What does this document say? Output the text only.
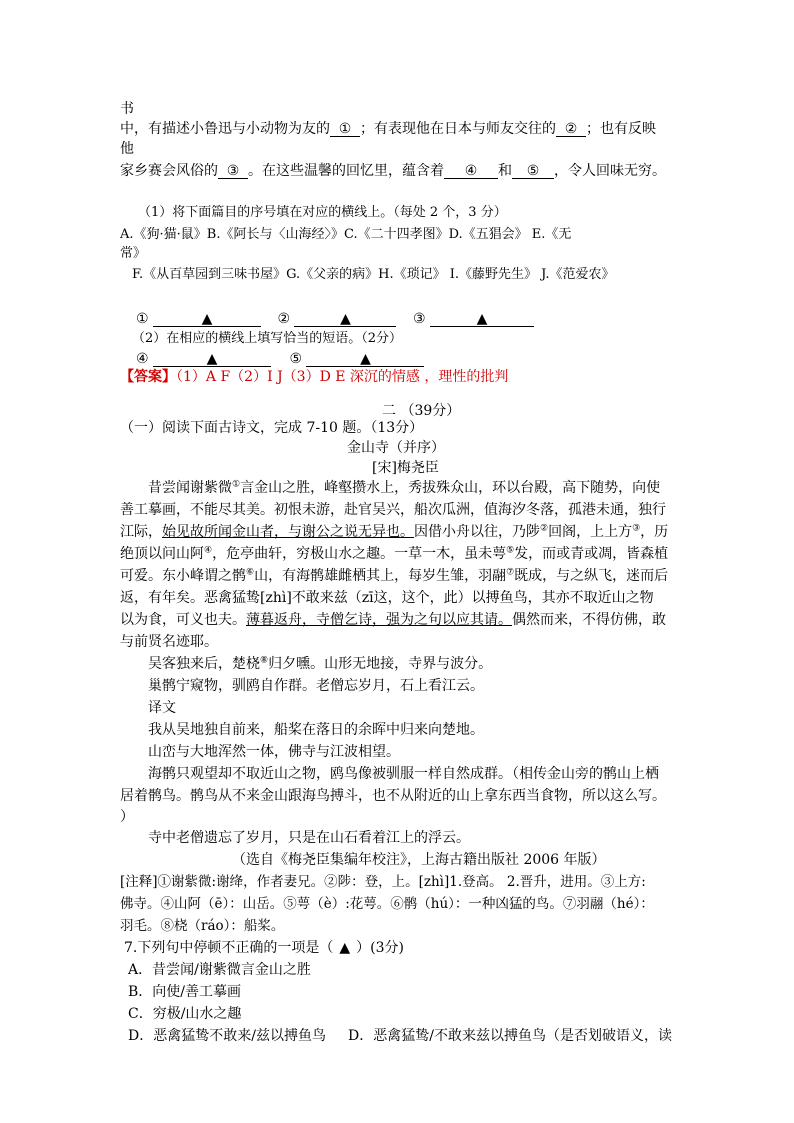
书
中，有描述小鲁迅与小动物为友的 ① ；有表现他在日本与师友交往的 ② ；也有反映
他
家乡赛会风俗的 ③ 。在这些温馨的回忆里，蕴含着 ④ 和 ⑤ ，令人回味无穷。
（1）将下面篇目的序号填在对应的横线上。（每处 2 个，3 分）
A.《狗·猫·鼠》B.《阿长与〈山海经〉》C.《二十四孝图》D.《五猖会》 E.《无
常》
F.《从百草园到三味书屋》G.《父亲的病》H.《琐记》 I.《藤野先生》 J.《范爱农》
①	▲	②	▲	③	▲
（2）在相应的横线上填写恰当的短语。（2分）
④	▲	⑤	▲
【答案】（1）A F（2）I J（3）D E 深沉的情感 ，理性的批判
二 （39分）
（一）阅读下面古诗文，完成 7-10 题。（13分）
金山寺（并序）
[宋]梅尧臣
昔尝闻谢紫微①言金山之胜，峰壑攒水上，秀拔殊众山，环以台殿，高下随势，向使
善工摹画，不能尽其美。初恨未游，赴官吴兴，船次瓜洲，值海汐冬落，孤港未通，独行
江际，始见故所闻金山者，与谢公之说无异也。因借小舟以往，乃陟②回阁，上上方③，历
绝顶以问山阿④，危亭曲轩，穷极山水之趣。一草一木，虽未萼⑤发，而或青或凋，皆森植
可爱。东小峰谓之鹘⑥山，有海鹘雄雌栖其上，每岁生雏，羽翮⑦既成，与之纵飞，迷而后
返，有年矣。恶禽猛鸷[zhì]不敢来兹（zī这，这个，此）以搏鱼鸟，其亦不取近山之物
以为食，可义也夫。薄暮返舟，寺僧乞诗，强为之句以应其请。偶然而来，不得仿佛，敢
与前贤名迹耶。
吴客独来后，楚桡⑧归夕曛。山形无地接，寺界与波分。
巢鹘宁窥物，驯鸥自作群。老僧忘岁月，石上看江云。
译文
我从吴地独自前来，船桨在落日的余晖中归来向楚地。
山峦与大地浑然一体，佛寺与江波相望。
海鹘只观望却不取近山之物，鸥鸟像被驯服一样自然成群。（相传金山旁的鹘山上栖
居着鹘鸟。鹘鸟从不来金山跟海鸟搏斗，也不从附近的山上拿东西当食物，所以这么写。
）
寺中老僧遗忘了岁月，只是在山石看着江上的浮云。
（选自《梅尧臣集编年校注》，上海古籍出版社 2006 年版）
[注释]①谢紫微:谢绛，作者妻兄。②陟：登，上。[zhì]1.登高。 2.晋升，进用。③上方:
佛寺。④山阿（ē）：山岳。⑤萼（è）:花萼。⑥鹘（hú）：一种凶猛的鸟。⑦羽翮（hé）：
羽毛。⑧桡（ráo）：船桨。
7.下列句中停顿不正确的一项是（ ▲ ）(3分)
A．昔尝闻/谢紫微言金山之胜
B．向使/善工摹画
C．穷极/山水之趣
D．恶禽猛鸷不敢来/兹以搏鱼鸟 D．恶禽猛鸷/不敢来兹以搏鱼鸟（是否划破语义，读
